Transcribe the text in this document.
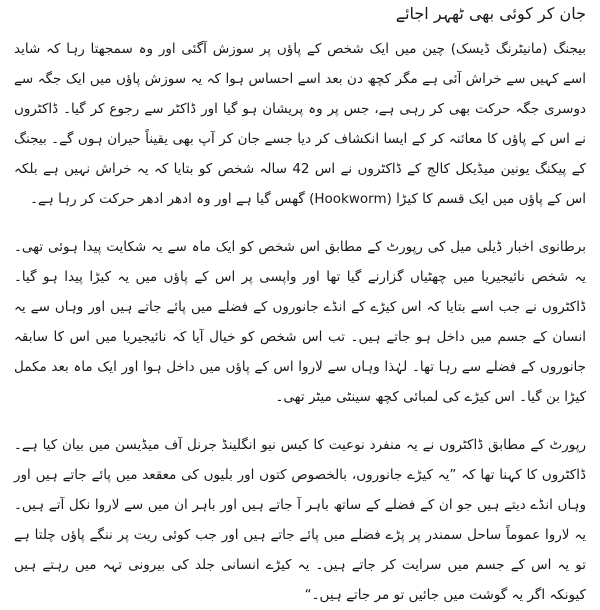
جان کر کوئی بھی ٹھہر اجائے

بیجنگ (مانیٹرنگ ڈیسک) چین میں ایک شخص کے پاؤں پر سوزش آگئی اور وہ سمجھتا رہا کہ شاید اسے کہیں سے خراش آئی ہے مگر کچھ دن بعد اسے احساس ہوا کہ یہ سوزش پاؤں میں ایک جگہ سے دوسری جگہ حرکت بھی کر رہی ہے، جس پر وہ پریشان ہو گیا اور ڈاکٹر سے رجوع کر گیا۔ ڈاکٹروں نے اس کے پاؤں کا معائنہ کر کے ایسا انکشاف کر دیا جسے جان کر آپ بھی یقیناً حیران ہوں گے۔ بیجنگ کے پیکنگ یونین میڈیکل کالج کے ڈاکٹروں نے اس 42 سالہ شخص کو بتایا کہ یہ خراش نہیں ہے بلکہ اس کے پاؤں میں ایک قسم کا کیڑا (Hookworm) گھس گیا ہے اور وہ ادھر ادھر حرکت کر رہا ہے۔

برطانوی اخبار ڈیلی میل کی رپورٹ کے مطابق اس شخص کو ایک ماہ سے یہ شکایت پیدا ہوئی تھی۔ یہ شخص نائیجیریا میں چھٹیاں گزارنے گیا تھا اور واپسی پر اس کے پاؤں میں یہ کیڑا پیدا ہو گیا۔ ڈاکٹروں نے جب اسے بتایا کہ اس کیڑے کے انڈے جانوروں کے فضلے میں پائے جاتے ہیں اور وہاں سے یہ انسان کے جسم میں داخل ہو جاتے ہیں۔ تب اس شخص کو خیال آیا کہ نائیجیریا میں اس کا سابقہ جانوروں کے فضلے سے رہا تھا۔ لہٰذا وہاں سے لاروا اس کے پاؤں میں داخل ہوا اور ایک ماہ بعد مکمل کیڑا بن گیا۔ اس کیڑے کی لمبائی کچھ سینٹی میٹر تھی۔

رپورٹ کے مطابق ڈاکٹروں نے یہ منفرد نوعیت کا کیس نیو انگلینڈ جرنل آف میڈیسن میں بیان کیا ہے۔ ڈاکٹروں کا کہنا تھا کہ ”یہ کیڑے جانوروں، بالخصوص کتوں اور بلیوں کی معقعد میں پائے جاتے ہیں اور وہاں انڈے دیتے ہیں جو ان کے فضلے کے ساتھ باہر آ جاتے ہیں اور باہر ان میں سے لاروا نکل آتے ہیں۔ یہ لاروا عموماً ساحل سمندر پر پڑے فضلے میں پائے جاتے ہیں اور جب کوئی ریت پر ننگے پاؤں چلتا ہے تو یہ اس کے جسم میں سرایت کر جاتے ہیں۔ یہ کیڑے انسانی جلد کی بیرونی تہہ میں رہتے ہیں کیونکہ اگر یہ گوشت میں جائیں تو مر جاتے ہیں۔“
